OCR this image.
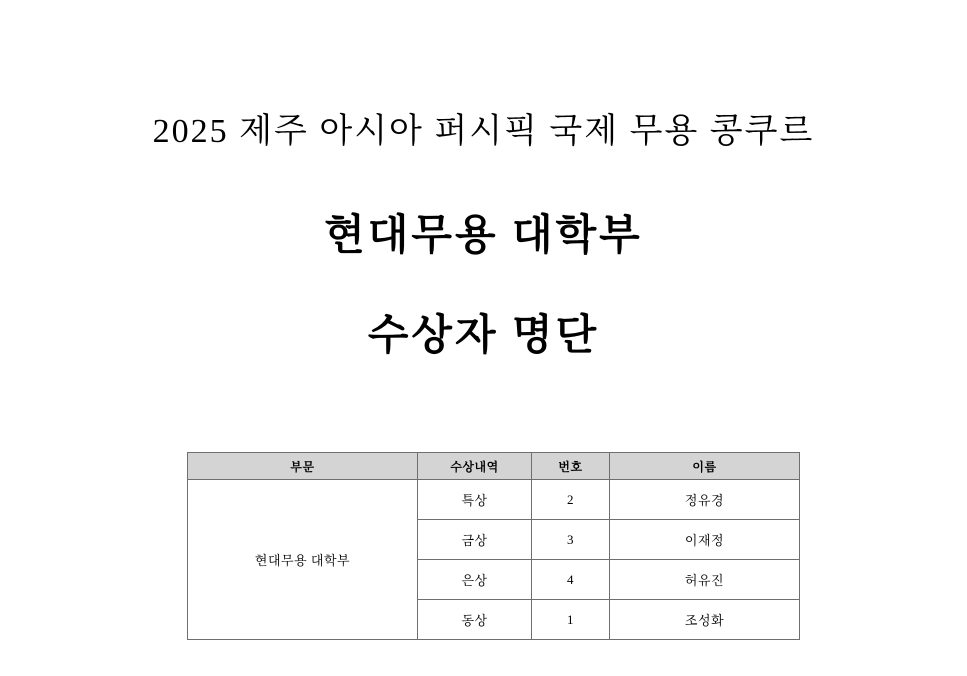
2025 제주 아시아 퍼시픽 국제 무용 콩쿠르
현대무용 대학부
수상자 명단
부문	수상내역	번호	이름
현대무용 대학부	특상	2	정유경
	금상	3	이재정
	은상	4	허유진
	동상	1	조성화
